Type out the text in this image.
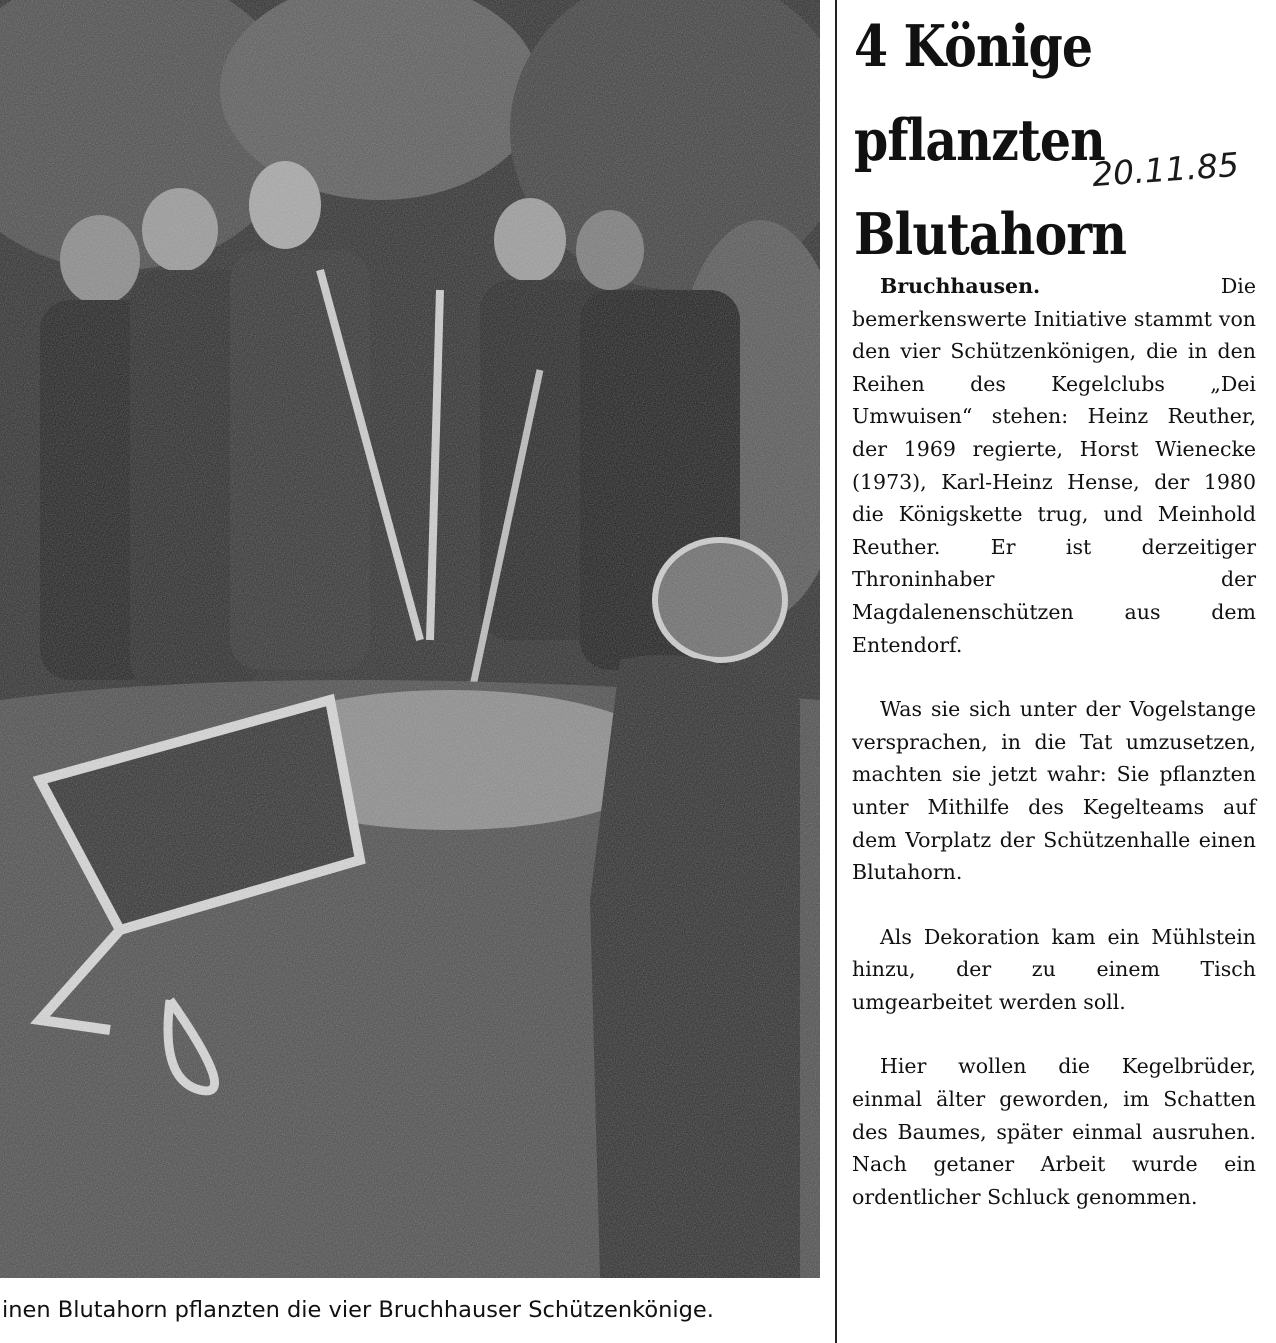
inen Blutahorn pflanzten die vier Bruchhauser Schützenkönige.
4 Könige
pflanzten
Blutahorn
20.11.85

Bruchhausen.	Die bemerkenswerte Initiative stammt von den vier Schützenkönigen, die in den Reihen des Kegelclubs „Dei Umwuisen“ stehen: Heinz Reuther, der 1969 regierte, Horst Wienecke (1973), Karl-Heinz Hense, der 1980 die Königskette trug, und Meinhold Reuther. Er ist derzeitiger Throninhaber der Magdalenenschützen aus dem Entendorf.

Was sie sich unter der Vogelstange versprachen, in die Tat umzusetzen, machten sie jetzt wahr: Sie pflanzten unter Mithilfe des Kegelteams auf dem Vorplatz der Schützenhalle einen Blutahorn.

Als Dekoration kam ein Mühlstein hinzu, der zu einem Tisch umgearbeitet werden soll.

Hier wollen die Kegelbrüder, einmal älter geworden, im Schatten des Baumes, später einmal ausruhen. Nach getaner Arbeit wurde ein ordentlicher Schluck genommen.
